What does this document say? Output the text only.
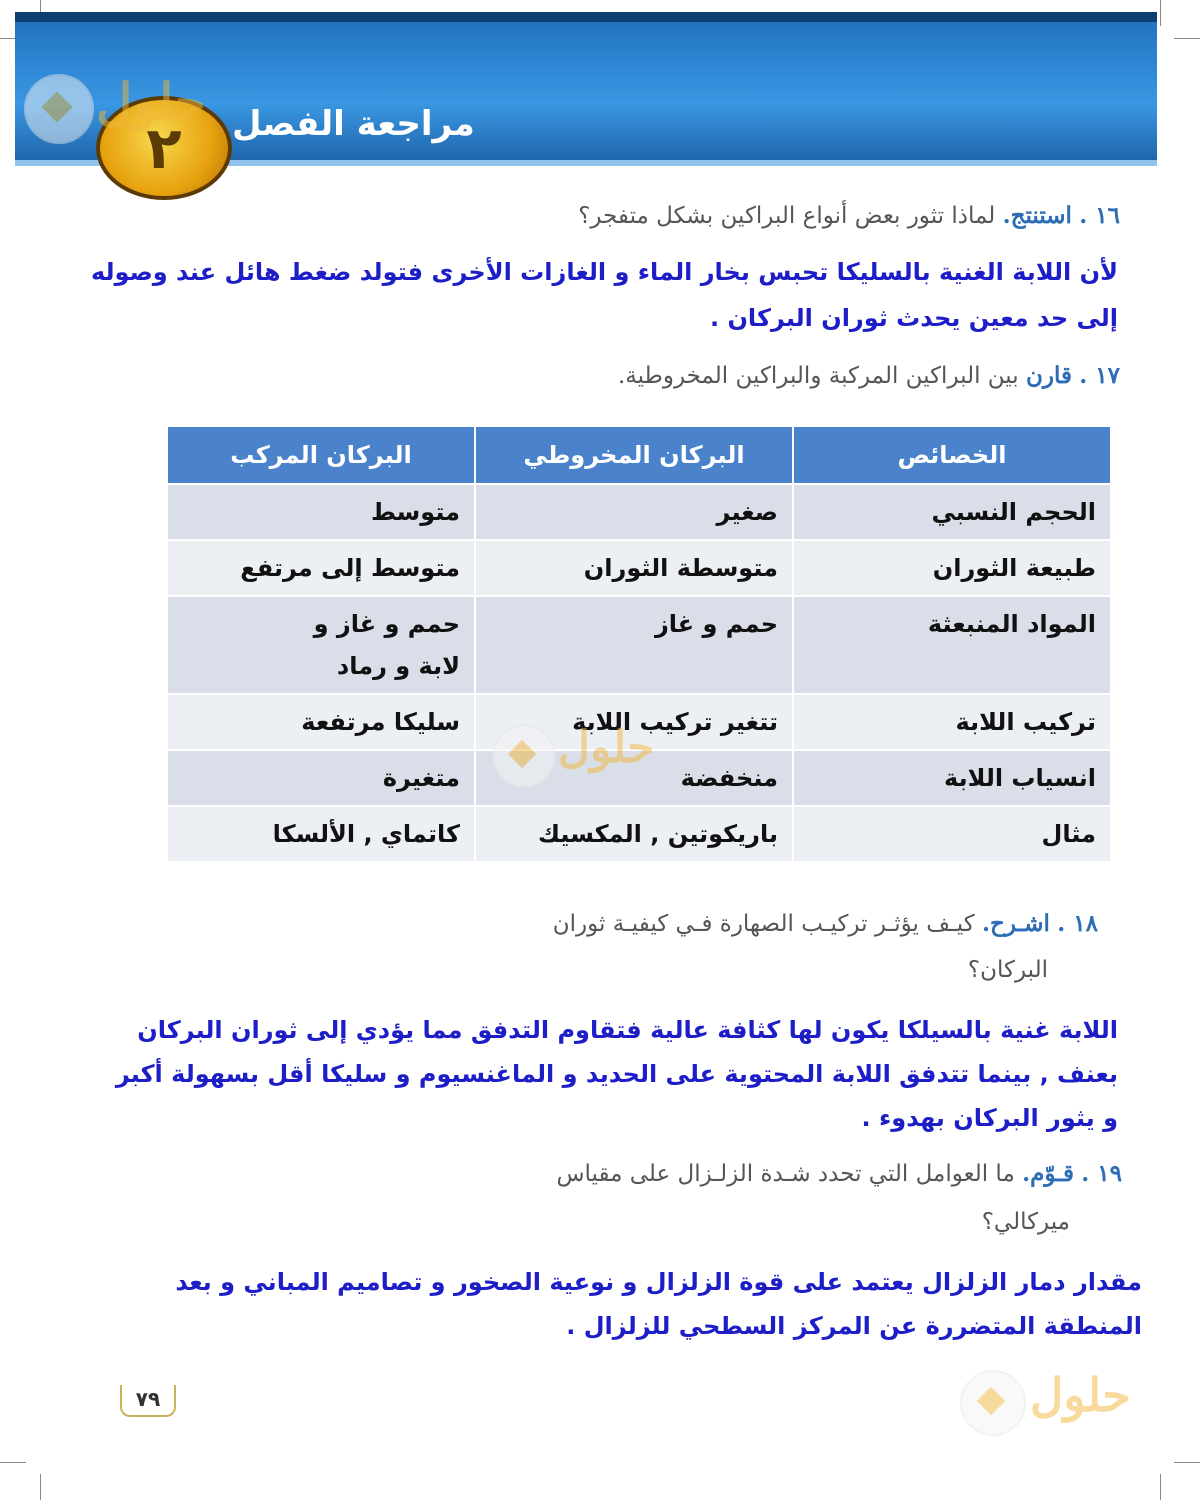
مراجعة الفصل
٢
حلول
١٦ . استنتج. لماذا تثور بعض أنواع البراكين بشكل متفجر؟
لأن اللابة الغنية بالسليكا تحبس بخار الماء و الغازات الأخرى فتولد ضغط هائل عند وصوله
إلى حد معين يحدث ثوران البركان .
١٧ . قارن بين البراكين المركبة والبراكين المخروطية.
الخصائص	البركان المخروطي	البركان المركب
الحجم النسبي	صغير	متوسط
طبيعة الثوران	متوسطة الثوران	متوسط إلى مرتفع
المواد المنبعثة	حمم و غاز	حمم و غاز و لابة و رماد
تركيب اللابة	تتغير تركيب اللابة	سليكا مرتفعة
انسياب اللابة	منخفضة	متغيرة
مثال	باريكوتين , المكسيك	كاتماي , الألسكا
حلول
١٨ . اشـرح. كيـف يؤثـر تركيـب الصهارة فـي كيفيـة ثوران
البركان؟
اللابة غنية بالسيلكا يكون لها كثافة عالية فتقاوم التدفق مما يؤدي إلى ثوران البركان
بعنف , بينما تتدفق اللابة المحتوية على الحديد و الماغنسيوم و سليكا أقل بسهولة أكبر
و يثور البركان بهدوء .
١٩ . قـوّم. ما العوامل التي تحدد شـدة الزلـزال على مقياس
ميركالي؟
مقدار دمار الزلزال يعتمد على قوة الزلزال و نوعية الصخور و تصاميم المباني و بعد
المنطقة المتضررة عن المركز السطحي للزلزال .
٧٩	حلول
